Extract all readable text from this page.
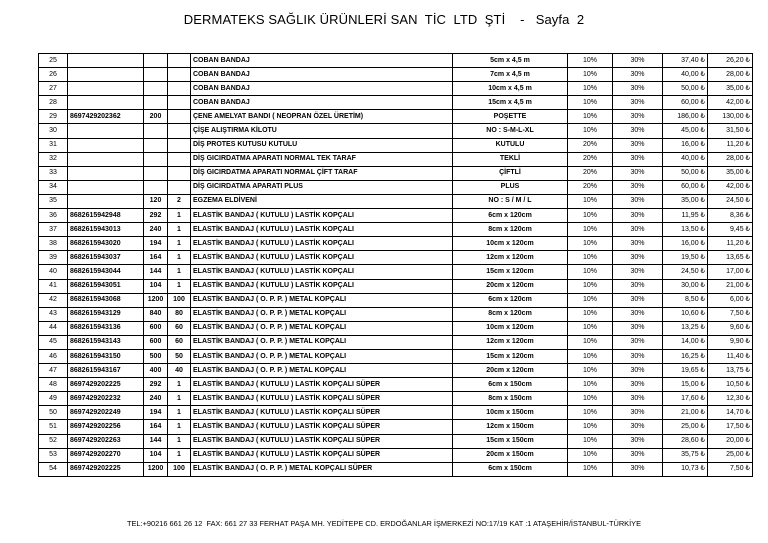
DERMATEKS SAĞLIK ÜRÜNLERİ SAN  TİC  LTD  ŞTİ    -   Sayfa  2
25				COBAN BANDAJ	5cm x 4,5 m	10%	30%	37,40 ₺	26,20 ₺
26				COBAN BANDAJ	7cm x 4,5 m	10%	30%	40,00 ₺	28,00 ₺
27				COBAN BANDAJ	10cm x 4,5 m	10%	30%	50,00 ₺	35,00 ₺
28				COBAN BANDAJ	15cm x 4,5 m	10%	30%	60,00 ₺	42,00 ₺
29	8697429202362	200		ÇENE AMELYAT BANDI ( NEOPRAN ÖZEL ÜRETİM)	POŞETTE	10%	30%	186,00 ₺	130,00 ₺
30				ÇİŞE ALIŞTIRMA KİLOTU	NO : S-M-L-XL	10%	30%	45,00 ₺	31,50 ₺
31				DİŞ PROTES KUTUSU KUTULU	KUTULU	20%	30%	16,00 ₺	11,20 ₺
32				DİŞ GICIRDATMA APARATI NORMAL TEK TARAF	TEKLİ	20%	30%	40,00 ₺	28,00 ₺
33				DİŞ GICIRDATMA APARATI NORMAL ÇİFT TARAF	ÇİFTLİ	20%	30%	50,00 ₺	35,00 ₺
34				DİŞ GICIRDATMA APARATI PLUS	PLUS	20%	30%	60,00 ₺	42,00 ₺
35		120	2	EGZEMA ELDİVENİ	NO : S / M / L	10%	30%	35,00 ₺	24,50 ₺
36	8682615942948	292	1	ELASTİK BANDAJ ( KUTULU ) LASTİK KOPÇALI	6cm x 120cm	10%	30%	11,95 ₺	8,36 ₺
37	8682615943013	240	1	ELASTİK BANDAJ ( KUTULU ) LASTİK KOPÇALI	8cm x 120cm	10%	30%	13,50 ₺	9,45 ₺
38	8682615943020	194	1	ELASTİK BANDAJ ( KUTULU ) LASTİK KOPÇALI	10cm x 120cm	10%	30%	16,00 ₺	11,20 ₺
39	8682615943037	164	1	ELASTİK BANDAJ ( KUTULU ) LASTİK KOPÇALI	12cm x 120cm	10%	30%	19,50 ₺	13,65 ₺
40	8682615943044	144	1	ELASTİK BANDAJ ( KUTULU ) LASTİK KOPÇALI	15cm x 120cm	10%	30%	24,50 ₺	17,00 ₺
41	8682615943051	104	1	ELASTİK BANDAJ ( KUTULU ) LASTİK KOPÇALI	20cm x 120cm	10%	30%	30,00 ₺	21,00 ₺
42	8682615943068	1200	100	ELASTİK BANDAJ ( O. P. P. ) METAL KOPÇALI	6cm x 120cm	10%	30%	8,50 ₺	6,00 ₺
43	8682615943129	840	80	ELASTİK BANDAJ ( O. P. P. ) METAL KOPÇALI	8cm x 120cm	10%	30%	10,60 ₺	7,50 ₺
44	8682615943136	600	60	ELASTİK BANDAJ ( O. P. P. ) METAL KOPÇALI	10cm x 120cm	10%	30%	13,25 ₺	9,60 ₺
45	8682615943143	600	60	ELASTİK BANDAJ ( O. P. P. ) METAL KOPÇALI	12cm x 120cm	10%	30%	14,00 ₺	9,90 ₺
46	8682615943150	500	50	ELASTİK BANDAJ ( O. P. P. ) METAL KOPÇALI	15cm x 120cm	10%	30%	16,25 ₺	11,40 ₺
47	8682615943167	400	40	ELASTİK BANDAJ ( O. P. P. ) METAL KOPÇALI	20cm x 120cm	10%	30%	19,65 ₺	13,75 ₺
48	8697429202225	292	1	ELASTİK BANDAJ ( KUTULU ) LASTİK KOPÇALI SÜPER	6cm x 150cm	10%	30%	15,00 ₺	10,50 ₺
49	8697429202232	240	1	ELASTİK BANDAJ ( KUTULU ) LASTİK KOPÇALI SÜPER	8cm x 150cm	10%	30%	17,60 ₺	12,30 ₺
50	8697429202249	194	1	ELASTİK BANDAJ ( KUTULU ) LASTİK KOPÇALI SÜPER	10cm x 150cm	10%	30%	21,00 ₺	14,70 ₺
51	8697429202256	164	1	ELASTİK BANDAJ ( KUTULU ) LASTİK KOPÇALI SÜPER	12cm x 150cm	10%	30%	25,00 ₺	17,50 ₺
52	8697429202263	144	1	ELASTİK BANDAJ ( KUTULU ) LASTİK KOPÇALI SÜPER	15cm x 150cm	10%	30%	28,60 ₺	20,00 ₺
53	8697429202270	104	1	ELASTİK BANDAJ ( KUTULU ) LASTİK KOPÇALI SÜPER	20cm x 150cm	10%	30%	35,75 ₺	25,00 ₺
54	8697429202225	1200	100	ELASTİK BANDAJ ( O. P. P. ) METAL KOPÇALI SÜPER	6cm x 150cm	10%	30%	10,73 ₺	7,50 ₺
TEL:+90216 661 26 12  FAX: 661 27 33 FERHAT PAŞA MH. YEDİTEPE CD. ERDOĞANLAR İŞMERKEZİ NO:17/19 KAT :1 ATAŞEHİR/İSTANBUL-TÜRKİYE
